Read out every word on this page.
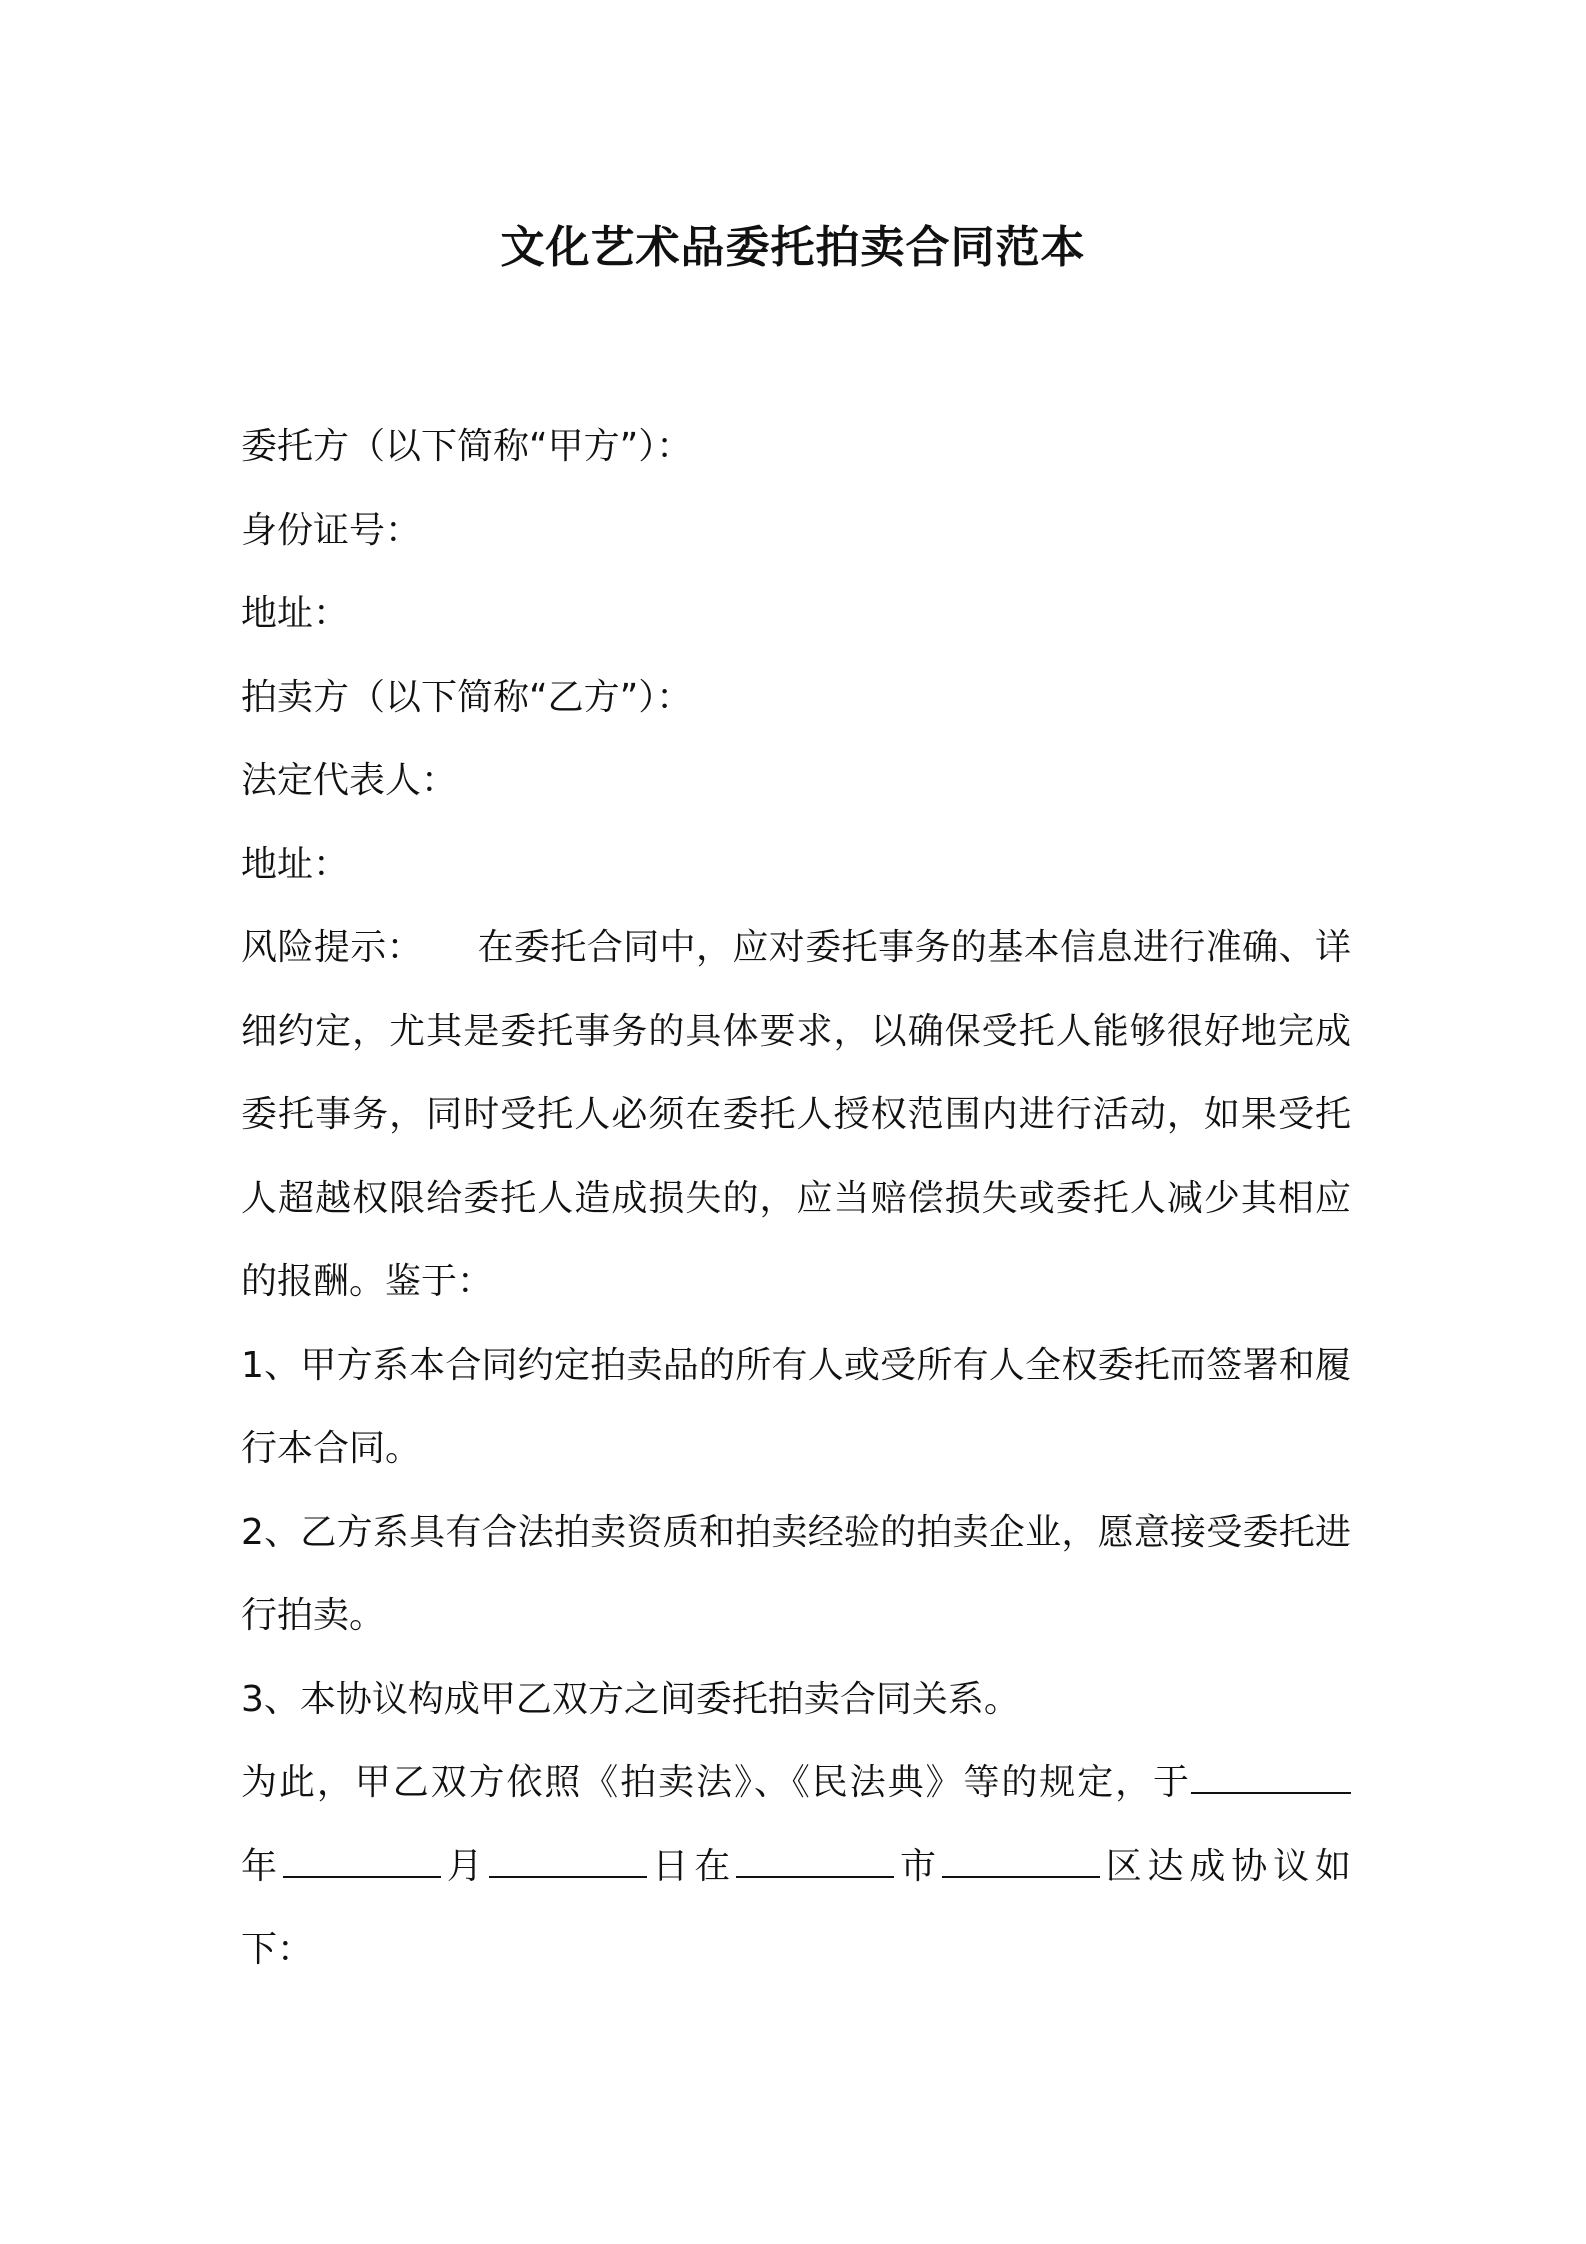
文化艺术品委托拍卖合同范本
委托方（以下简称“甲方”）：
身份证号：
地址：
拍卖方（以下简称“乙方”）：
法定代表人：
地址：
风险提示： 在委托合同中，应对委托事务的基本信息进行准确、详细约定，尤其是委托事务的具体要求，以确保受托人能够很好地完成委托事务，同时受托人必须在委托人授权范围内进行活动，如果受托人超越权限给委托人造成损失的，应当赔偿损失或委托人减少其相应的报酬。鉴于：
1、甲方系本合同约定拍卖品的所有人或受所有人全权委托而签署和履行本合同。
2、乙方系具有合法拍卖资质和拍卖经验的拍卖企业，愿意接受委托进行拍卖。
3、本协议构成甲乙双方之间委托拍卖合同关系。
为此，甲乙双方依照《拍卖法》、《民法典》等的规定，于
年	月	日在	市	区达成协议如
下：
